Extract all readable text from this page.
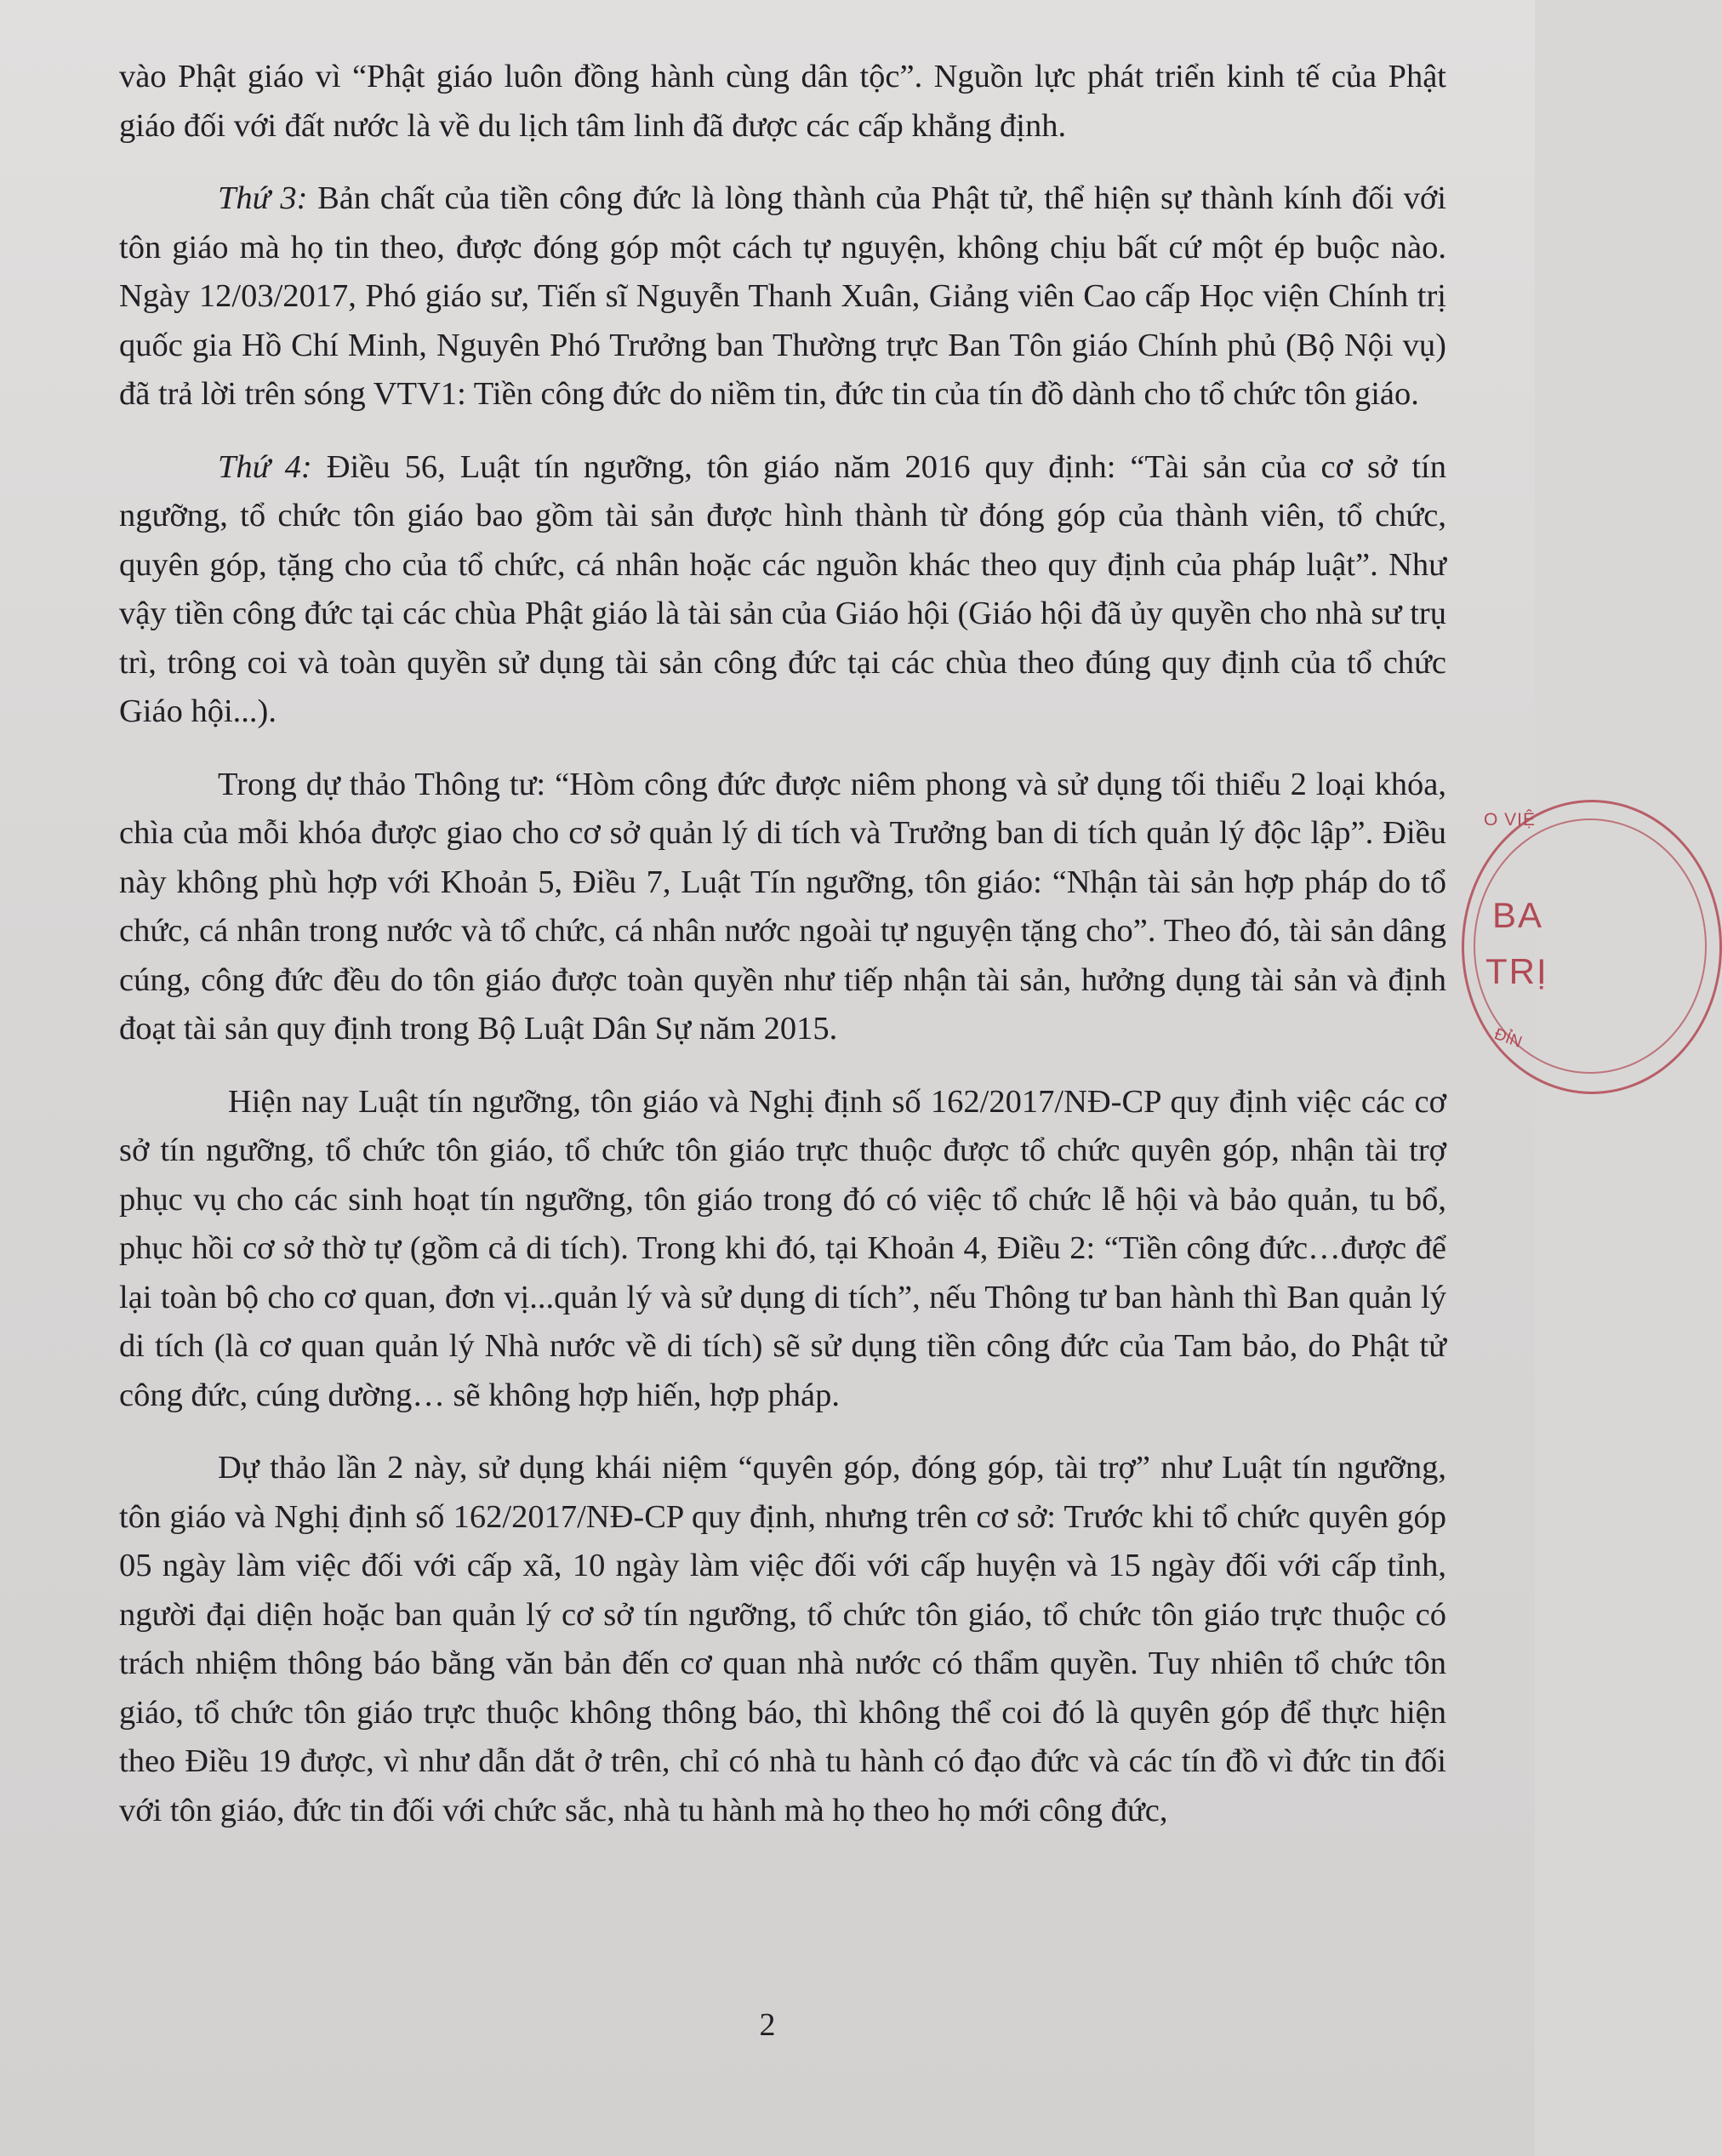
vào Phật giáo vì “Phật giáo luôn đồng hành cùng dân tộc”. Nguồn lực phát triển kinh tế của Phật giáo đối với đất nước là về du lịch tâm linh đã được các cấp khẳng định.

Thứ 3: Bản chất của tiền công đức là lòng thành của Phật tử, thể hiện sự thành kính đối với tôn giáo mà họ tin theo, được đóng góp một cách tự nguyện, không chịu bất cứ một ép buộc nào. Ngày 12/03/2017, Phó giáo sư, Tiến sĩ Nguyễn Thanh Xuân, Giảng viên Cao cấp Học viện Chính trị quốc gia Hồ Chí Minh, Nguyên Phó Trưởng ban Thường trực Ban Tôn giáo Chính phủ (Bộ Nội vụ) đã trả lời trên sóng VTV1: Tiền công đức do niềm tin, đức tin của tín đồ dành cho tổ chức tôn giáo.

Thứ 4: Điều 56, Luật tín ngưỡng, tôn giáo năm 2016 quy định: “Tài sản của cơ sở tín ngưỡng, tổ chức tôn giáo bao gồm tài sản được hình thành từ đóng góp của thành viên, tổ chức, quyên góp, tặng cho của tổ chức, cá nhân hoặc các nguồn khác theo quy định của pháp luật”. Như vậy tiền công đức tại các chùa Phật giáo là tài sản của Giáo hội (Giáo hội đã ủy quyền cho nhà sư trụ trì, trông coi và toàn quyền sử dụng tài sản công đức tại các chùa theo đúng quy định của tổ chức Giáo hội...).

Trong dự thảo Thông tư: “Hòm công đức được niêm phong và sử dụng tối thiểu 2 loại khóa, chìa của mỗi khóa được giao cho cơ sở quản lý di tích và Trưởng ban di tích quản lý độc lập”. Điều này không phù hợp với Khoản 5, Điều 7, Luật Tín ngưỡng, tôn giáo: “Nhận tài sản hợp pháp do tổ chức, cá nhân trong nước và tổ chức, cá nhân nước ngoài tự nguyện tặng cho”. Theo đó, tài sản dâng cúng, công đức đều do tôn giáo được toàn quyền như tiếp nhận tài sản, hưởng dụng tài sản và định đoạt tài sản quy định trong Bộ Luật Dân Sự năm 2015.

Hiện nay Luật tín ngưỡng, tôn giáo và Nghị định số 162/2017/NĐ-CP quy định việc các cơ sở tín ngưỡng, tổ chức tôn giáo, tổ chức tôn giáo trực thuộc được tổ chức quyên góp, nhận tài trợ phục vụ cho các sinh hoạt tín ngưỡng, tôn giáo trong đó có việc tổ chức lễ hội và bảo quản, tu bổ, phục hồi cơ sở thờ tự (gồm cả di tích). Trong khi đó, tại Khoản 4, Điều 2: “Tiền công đức…được để lại toàn bộ cho cơ quan, đơn vị...quản lý và sử dụng di tích”, nếu Thông tư ban hành thì Ban quản lý di tích (là cơ quan quản lý Nhà nước về di tích) sẽ sử dụng tiền công đức của Tam bảo, do Phật tử công đức, cúng dường… sẽ không hợp hiến, hợp pháp.

Dự thảo lần 2 này, sử dụng khái niệm “quyên góp, đóng góp, tài trợ” như Luật tín ngưỡng, tôn giáo và Nghị định số 162/2017/NĐ-CP quy định, nhưng trên cơ sở: Trước khi tổ chức quyên góp 05 ngày làm việc đối với cấp xã, 10 ngày làm việc đối với cấp huyện và 15 ngày đối với cấp tỉnh, người đại diện hoặc ban quản lý cơ sở tín ngưỡng, tổ chức tôn giáo, tổ chức tôn giáo trực thuộc có trách nhiệm thông báo bằng văn bản đến cơ quan nhà nước có thẩm quyền. Tuy nhiên tổ chức tôn giáo, tổ chức tôn giáo trực thuộc không thông báo, thì không thể coi đó là quyên góp để thực hiện theo Điều 19 được, vì như dẫn dắt ở trên, chỉ có nhà tu hành có đạo đức và các tín đồ vì đức tin đối với tôn giáo, đức tin đối với chức sắc, nhà tu hành mà họ theo họ mới công đức,

2
O VIỆ
BA
TRỊ
ĐỈN
